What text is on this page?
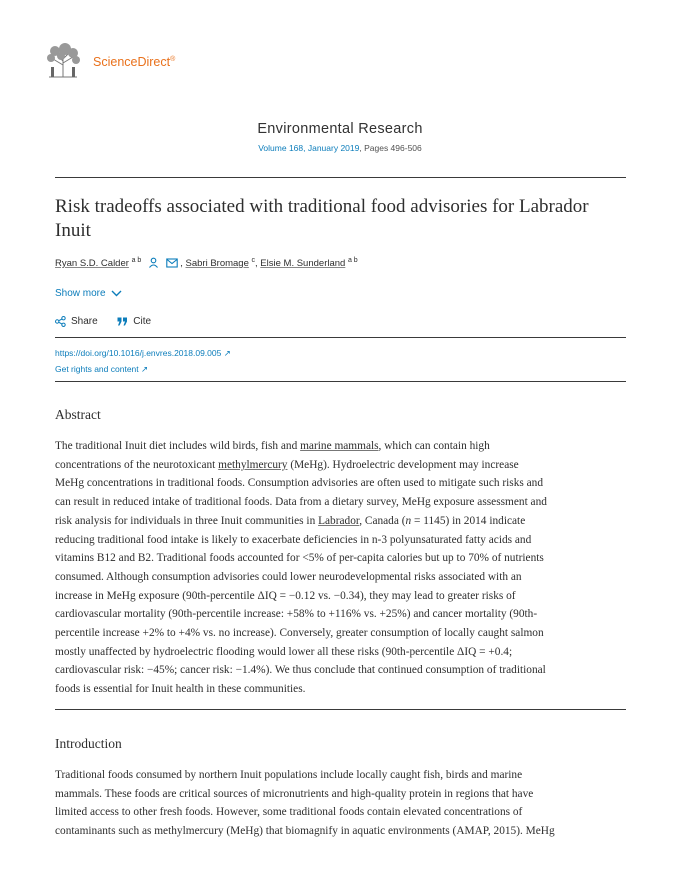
ScienceDirect®
Environmental Research
Volume 168, January 2019, Pages 496-506
Risk tradeoffs associated with traditional food advisories for Labrador Inuit
Ryan S.D. Calder $^{a b}$
	, Sabri Bromage $^c$, Elsie M. Sunderland $^{a b}$
Show more
Share	Cite
https://doi.org/10.1016/j.envres.2018.09.005 ↗
Get rights and content ↗
Abstract
The traditional Inuit diet includes wild birds, fish and marine mammals, which can contain high
concentrations of the neurotoxicant methylmercury (MeHg). Hydroelectric development may increase
MeHg concentrations in traditional foods. Consumption advisories are often used to mitigate such risks and
can result in reduced intake of traditional foods. Data from a dietary survey, MeHg exposure assessment and
risk analysis for individuals in three Inuit communities in Labrador, Canada (n = 1145) in 2014 indicate
reducing traditional food intake is likely to exacerbate deficiencies in n-3 polyunsaturated fatty acids and
vitamins B12 and B2. Traditional foods accounted for <5% of per-capita calories but up to 70% of nutrients
consumed. Although consumption advisories could lower neurodevelopmental risks associated with an
increase in MeHg exposure (90th-percentile ΔIQ = −0.12 vs. −0.34), they may lead to greater risks of
cardiovascular mortality (90th-percentile increase: +58% to +116% vs. +25%) and cancer mortality (90th-
percentile increase +2% to +4% vs. no increase). Conversely, greater consumption of locally caught salmon
mostly unaffected by hydroelectric flooding would lower all these risks (90th-percentile ΔIQ = +0.4;
cardiovascular risk: −45%; cancer risk: −1.4%). We thus conclude that continued consumption of traditional
foods is essential for Inuit health in these communities.
Introduction
Traditional foods consumed by northern Inuit populations include locally caught fish, birds and marine
mammals. These foods are critical sources of micronutrients and high-quality protein in regions that have
limited access to other fresh foods. However, some traditional foods contain elevated concentrations of
contaminants such as methylmercury (MeHg) that biomagnify in aquatic environments (AMAP, 2015). MeHg
